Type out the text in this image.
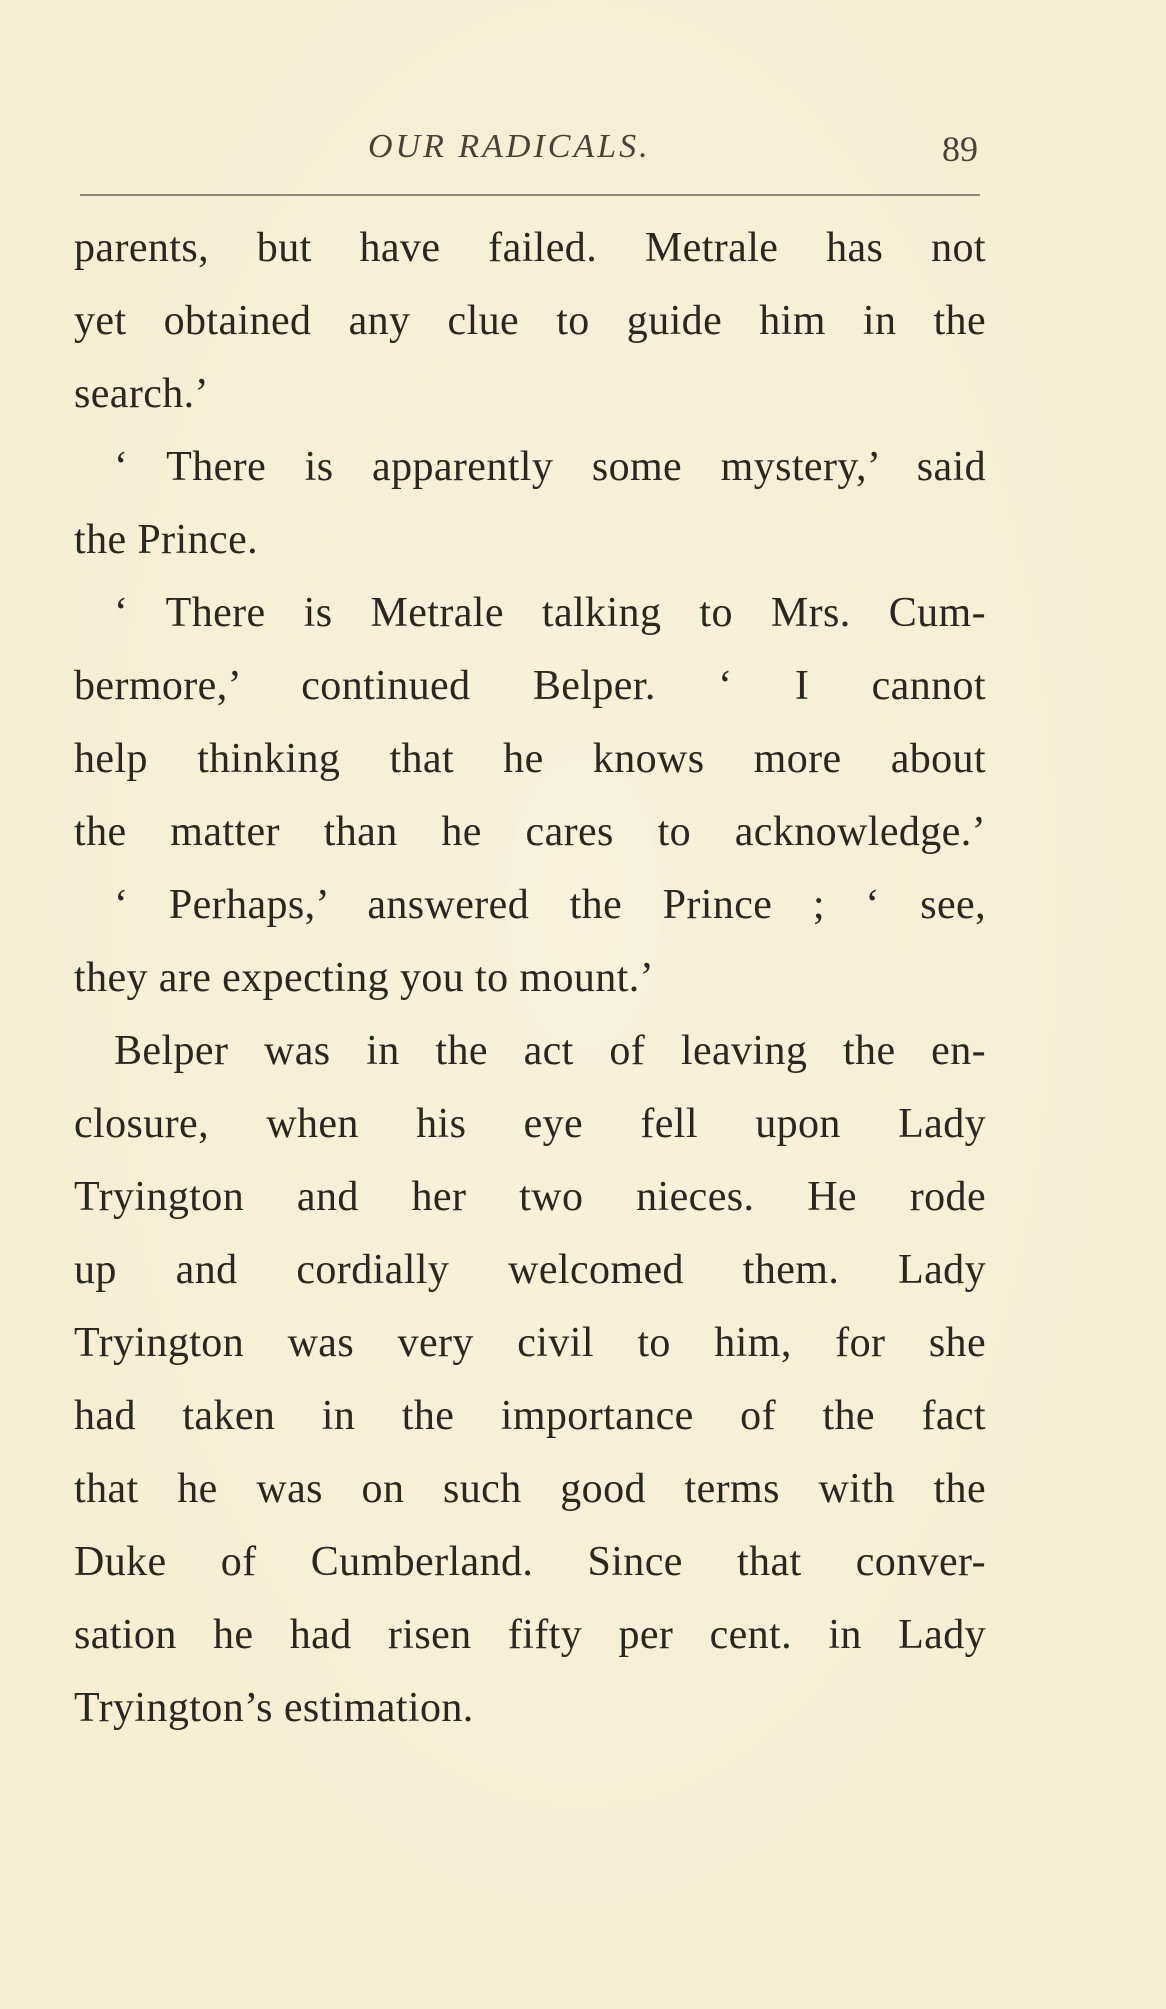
OUR RADICALS.	89
parents, but have failed. Metrale has not
yet obtained any clue to guide him in the
search.’
‘ There is apparently some mystery,’ said
the Prince.
‘ There is Metrale talking to Mrs. Cum-
bermore,’ continued Belper. ‘ I cannot
help thinking that he knows more about
the matter than he cares to acknowledge.’
‘ Perhaps,’ answered the Prince ; ‘ see,
they are expecting you to mount.’
Belper was in the act of leaving the en-
closure, when his eye fell upon Lady
Tryington and her two nieces. He rode
up and cordially welcomed them. Lady
Tryington was very civil to him, for she
had taken in the importance of the fact
that he was on such good terms with the
Duke of Cumberland. Since that conver-
sation he had risen fifty per cent. in Lady
Tryington’s estimation.
